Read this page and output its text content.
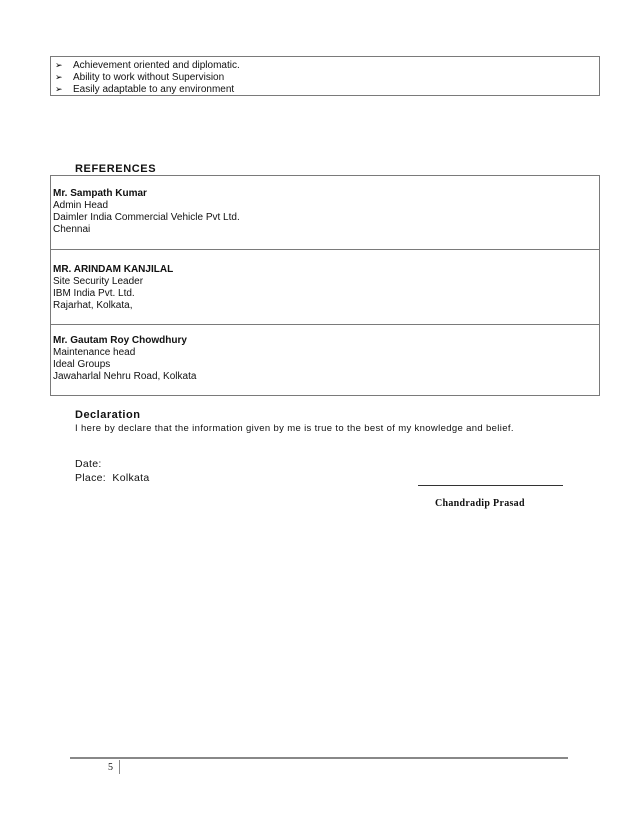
➢ Achievement oriented and diplomatic.
➢ Ability to work without Supervision
➢ Easily adaptable to any environment
REFERENCES
Mr. Sampath Kumar
Admin Head
Daimler India Commercial Vehicle Pvt Ltd.
Chennai
MR. ARINDAM KANJILAL
Site Security Leader
IBM India Pvt. Ltd.
Rajarhat, Kolkata,
Mr. Gautam Roy Chowdhury
Maintenance head
Ideal Groups
Jawaharlal Nehru Road, Kolkata
Declaration
I here by declare that the information given by me is true to the best of my knowledge and belief.
Date:
Place: Kolkata
Chandradip Prasad
5
